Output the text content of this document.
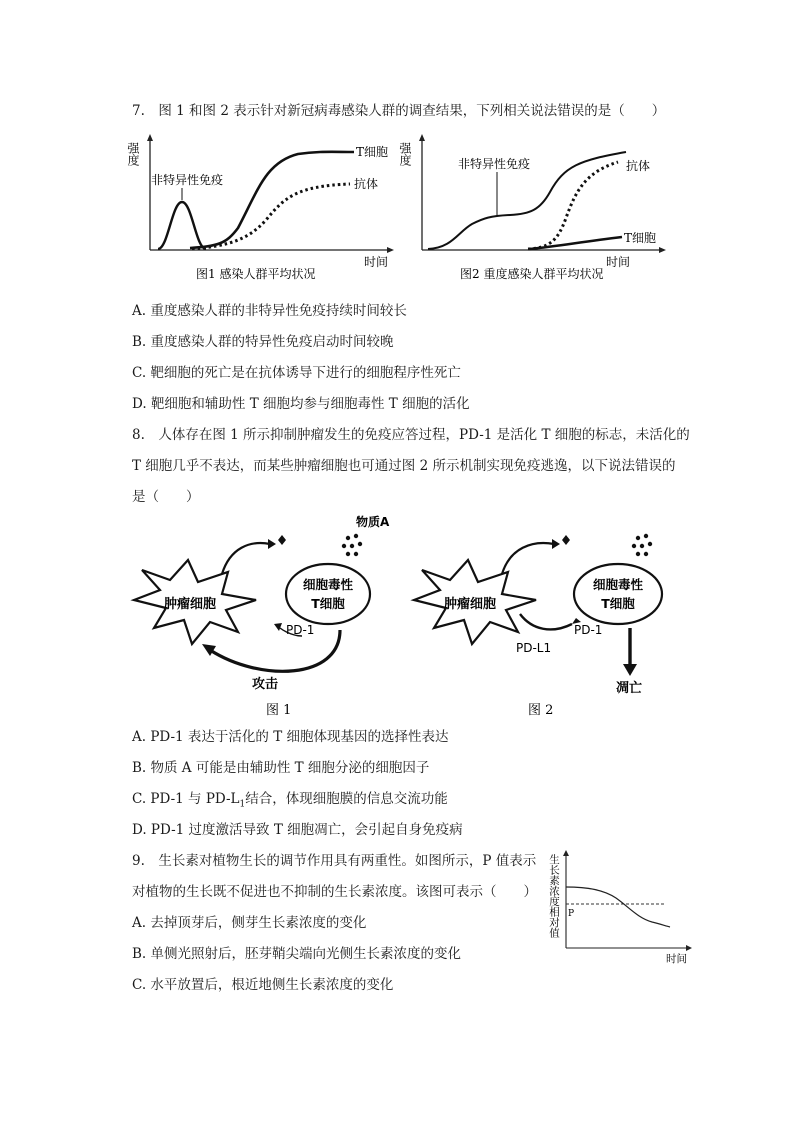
7.　图 1 和图 2 表示针对新冠病毒感染人群的调查结果，下列相关说法错误的是（　　）
强度
时间
非特异性免疫
T细胞
抗体
图1 感染人群平均状况
强度
时间
非特异性免疫	抗体
T细胞
图2 重度感染人群平均状况
A. 重度感染人群的非特异性免疫持续时间较长
B. 重度感染人群的特异性免疫启动时间较晚
C. 靶细胞的死亡是在抗体诱导下进行的细胞程序性死亡
D. 靶细胞和辅助性 T 细胞均参与细胞毒性 T 细胞的活化
8.　人体存在图 1 所示抑制肿瘤发生的免疫应答过程，PD-1 是活化 T 细胞的标志，未活化的
T 细胞几乎不表达，而某些肿瘤细胞也可通过图 2 所示机制实现免疫逃逸，以下说法错误的
是（　　）
物质A
肿瘤细胞
细胞毒性
T细胞
PD-1
攻击
图 1
肿瘤细胞
细胞毒性
T细胞
PD-1
PD-L1
凋亡
图 2
A. PD-1 表达于活化的 T 细胞体现基因的选择性表达
B. 物质 A 可能是由辅助性 T 细胞分泌的细胞因子
C. PD-1 与 $PD-L_1$结合，体现细胞膜的信息交流功能
D. PD-1 过度激活导致 T 细胞凋亡，会引起自身免疫病
9.　生长素对植物生长的调节作用具有两重性。如图所示，P 值表示
对植物的生长既不促进也不抑制的生长素浓度。该图可表示（　　） 生长素浓度相对值
时间
P
A. 去掉顶芽后，侧芽生长素浓度的变化
B. 单侧光照射后，胚芽鞘尖端向光侧生长素浓度的变化
C. 水平放置后，根近地侧生长素浓度的变化
